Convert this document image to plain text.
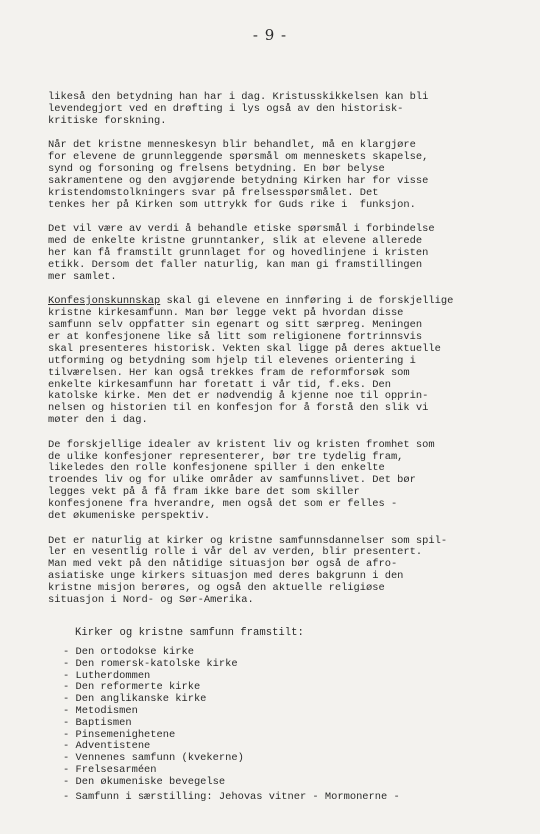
- 9 -

likeså den betydning han har i dag. Kristusskikkelsen kan bli

levendegjort ved en drøfting i lys også av den historisk-

kritiske forskning.

Når det kristne menneskesyn blir behandlet, må en klargjøre

for elevene de grunnleggende spørsmål om menneskets skapelse,

synd og forsoning og frelsens betydning. En bør belyse

sakramentene og den avgjørende betydning Kirken har for visse

kristendomstolkningers svar på frelsesspørsmålet. Det

tenkes her på Kirken som uttrykk for Guds rike i  funksjon.

Det vil være av verdi å behandle etiske spørsmål i forbindelse

med de enkelte kristne grunntanker, slik at elevene allerede

her kan få framstilt grunnlaget for og hovedlinjene i kristen

etikk. Dersom det faller naturlig, kan man gi framstillingen

mer samlet.

Konfesjonskunnskap skal gi elevene en innføring i de forskjellige

kristne kirkesamfunn. Man bør legge vekt på hvordan disse

samfunn selv oppfatter sin egenart og sitt særpreg. Meningen

er at konfesjonene like så litt som religionene fortrinnsvis

skal presenteres historisk. Vekten skal ligge på deres aktuelle

utforming og betydning som hjelp til elevenes orientering i

tilværelsen. Her kan også trekkes fram de reformforsøk som

enkelte kirkesamfunn har foretatt i vår tid, f.eks. Den

katolske kirke. Men det er nødvendig å kjenne noe til opprin-

nelsen og historien til en konfesjon for å forstå den slik vi

møter den i dag.

De forskjellige idealer av kristent liv og kristen fromhet som

de ulike konfesjoner representerer, bør tre tydelig fram,

likeledes den rolle konfesjonene spiller i den enkelte

troendes liv og for ulike områder av samfunnslivet. Det bør

legges vekt på å få fram ikke bare det som skiller

konfesjonene fra hverandre, men også det som er felles -

det økumeniske perspektiv.

Det er naturlig at kirker og kristne samfunnsdannelser som spil-

ler en vesentlig rolle i vår del av verden, blir presentert.

Man med vekt på den nåtidige situasjon bør også de afro-

asiatiske unge kirkers situasjon med deres bakgrunn i den

kristne misjon berøres, og også den aktuelle religiøse

situasjon i Nord- og Sør-Amerika.

Kirker og kristne samfunn framstilt:
- Den ortodokse kirke
- Den romersk-katolske kirke
- Lutherdommen
- Den reformerte kirke
- Den anglikanske kirke
- Metodismen
- Baptismen
- Pinsemenighetene
- Adventistene
- Vennenes samfunn (kvekerne)
- Frelsesarméen
- Den økumeniske bevegelse
- Samfunn i særstilling: Jehovas vitner - Mormonerne -
